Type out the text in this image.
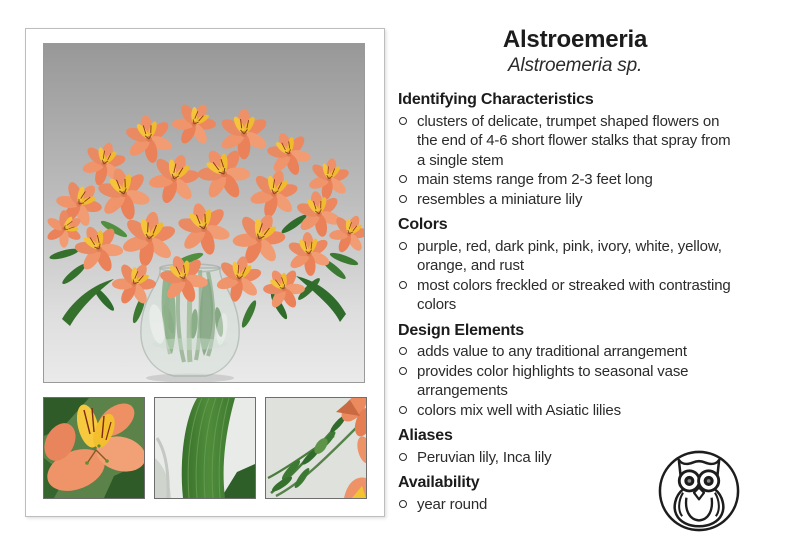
Alstroemeria
Alstroemeria sp.
Identifying Characteristics
clusters of delicate, trumpet shaped flowers on
the end of 4-6 short flower stalks that spray from
a single stem
main stems range from 2-3 feet long
resembles a miniature lily
Colors
purple, red, dark pink, pink, ivory, white, yellow,
orange, and rust
most colors freckled or streaked with contrasting
colors
Design Elements
adds value to any traditional arrangement
provides color highlights to seasonal vase
arrangements
colors mix well with Asiatic lilies
Aliases
Peruvian lily, Inca lily
Availability
year round
